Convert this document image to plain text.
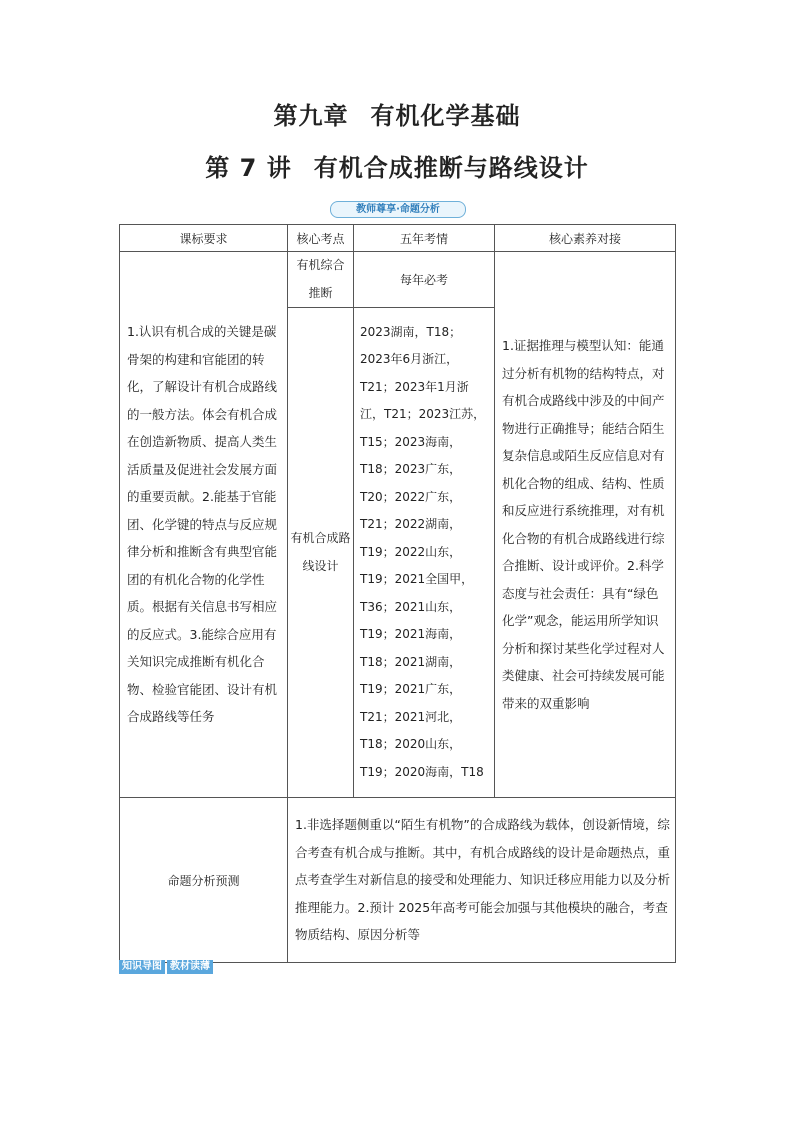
第九章 有机化学基础
第 7 讲 有机合成推断与路线设计
教师尊享·命题分析
课标要求	核心考点	五年考情	核心素养对接
1.认识有机合成的关键是碳骨架的构建和官能团的转化，了解设计有机合成路线的一般方法。体会有机合成在创造新物质、提高人类生活质量及促进社会发展方面的重要贡献。2.能基于官能团、化学键的特点与反应规律分析和推断含有典型官能团的有机化合物的化学性质。根据有关信息书写相应的反应式。3.能综合应用有关知识完成推断有机化合物、检验官能团、设计有机合成路线等任务	有机综合推断	每年必考	1.证据推理与模型认知：能通过分析有机物的结构特点，对有机合成路线中涉及的中间产物进行正确推导；能结合陌生复杂信息或陌生反应信息对有机化合物的组成、结构、性质和反应进行系统推理，对有机化合物的有机合成路线进行综合推断、设计或评价。2.科学态度与社会责任：具有“绿色化学”观念，能运用所学知识分析和探讨某些化学过程对人类健康、社会可持续发展可能带来的双重影响
	有机合成路线设计	2023湖南，T18；2023年6月浙江，T21；2023年1月浙江，T21；2023江苏，T15；2023海南，T18；2023广东，T20；2022广东，T21；2022湖南，T19；2022山东，T19；2021全国甲，T36；2021山东，T19；2021海南，T18；2021湖南，T19；2021广东，T21；2021河北，T18；2020山东，T19；2020海南，T18	
命题分析预测	1.非选择题侧重以“陌生有机物”的合成路线为载体，创设新情境，综合考查有机合成与推断。其中，有机合成路线的设计是命题热点，重点考查学生对新信息的接受和处理能力、知识迁移应用能力以及分析推理能力。2.预计 2025年高考可能会加强与其他模块的融合，考查物质结构、原因分析等		
知识导图 教材读薄
